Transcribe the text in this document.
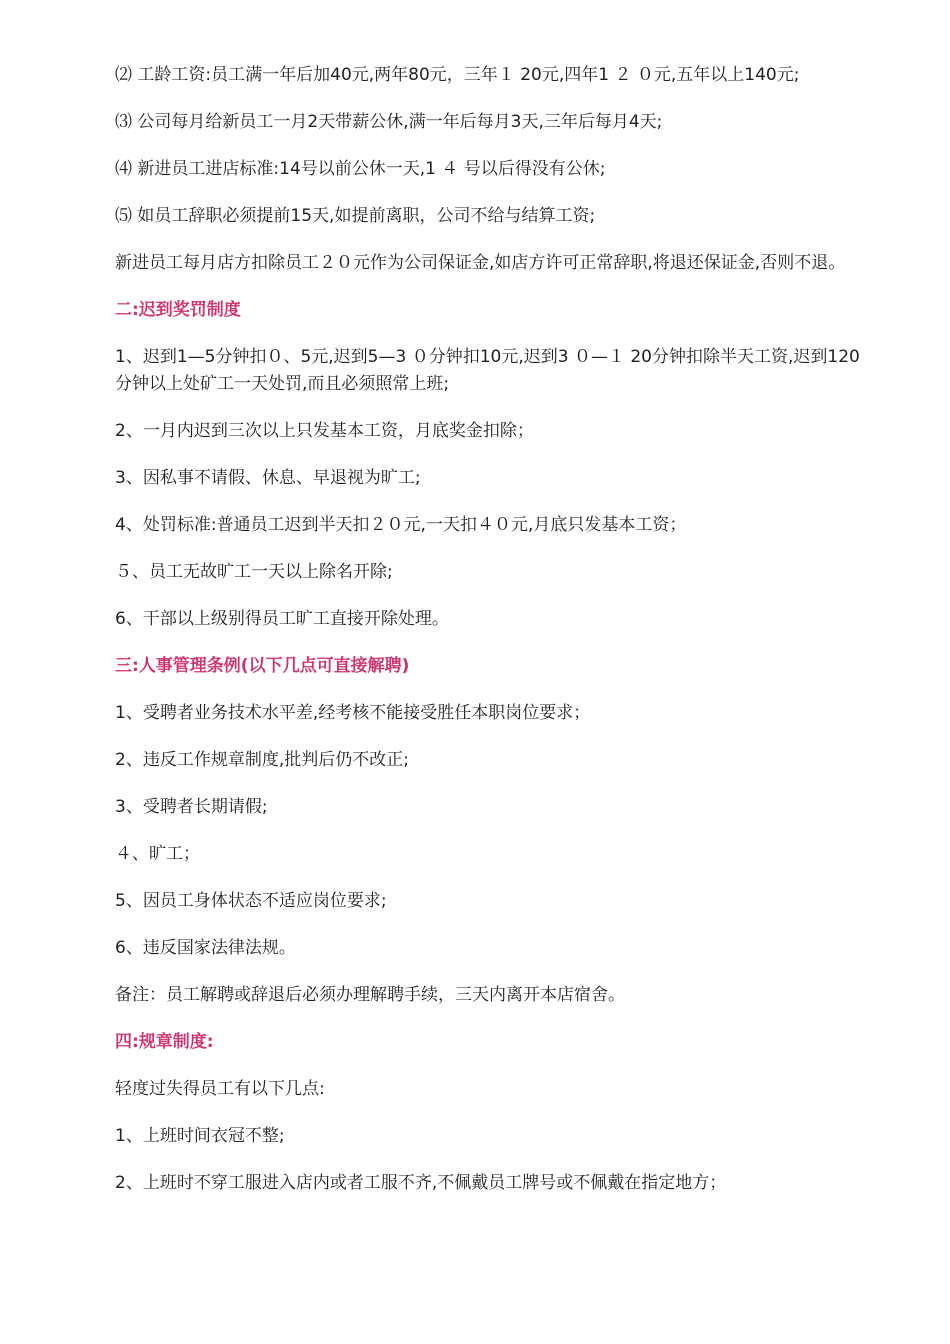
⑵ 工龄工资:员工满一年后加40元,两年80元，三年１ 20元,四年1 ２ ０元,五年以上140元;

⑶ 公司每月给新员工一月2天带薪公休,满一年后每月3天,三年后每月4天;

⑷ 新进员工进店标准:14号以前公休一天,1 ４ 号以后得没有公休;

⑸ 如员工辞职必须提前15天,如提前离职，公司不给与结算工资;

新进员工每月店方扣除员工２０元作为公司保证金,如店方许可正常辞职,将退还保证金,否则不退。

二:迟到奖罚制度

1、迟到1—5分钟扣０、5元,迟到5—3 ０分钟扣10元,迟到3 ０—１ 20分钟扣除半天工资,迟到120分钟以上处矿工一天处罚,而且必须照常上班;

2、一月内迟到三次以上只发基本工资，月底奖金扣除；

3、因私事不请假、休息、早退视为旷工;

4、处罚标准:普通员工迟到半天扣２０元,一天扣４０元,月底只发基本工资；

５、员工无故旷工一天以上除名开除;

6、干部以上级别得员工旷工直接开除处理。

三:人事管理条例(以下几点可直接解聘)

1、受聘者业务技术水平差,经考核不能接受胜任本职岗位要求；

2、违反工作规章制度,批判后仍不改正;

3、受聘者长期请假;

４、旷工；

5、因员工身体状态不适应岗位要求;

6、违反国家法律法规。

备注：员工解聘或辞退后必须办理解聘手续，三天内离开本店宿舍。

四:规章制度:

轻度过失得员工有以下几点:

1、上班时间衣冠不整;

2、上班时不穿工服进入店内或者工服不齐,不佩戴员工牌号或不佩戴在指定地方；
